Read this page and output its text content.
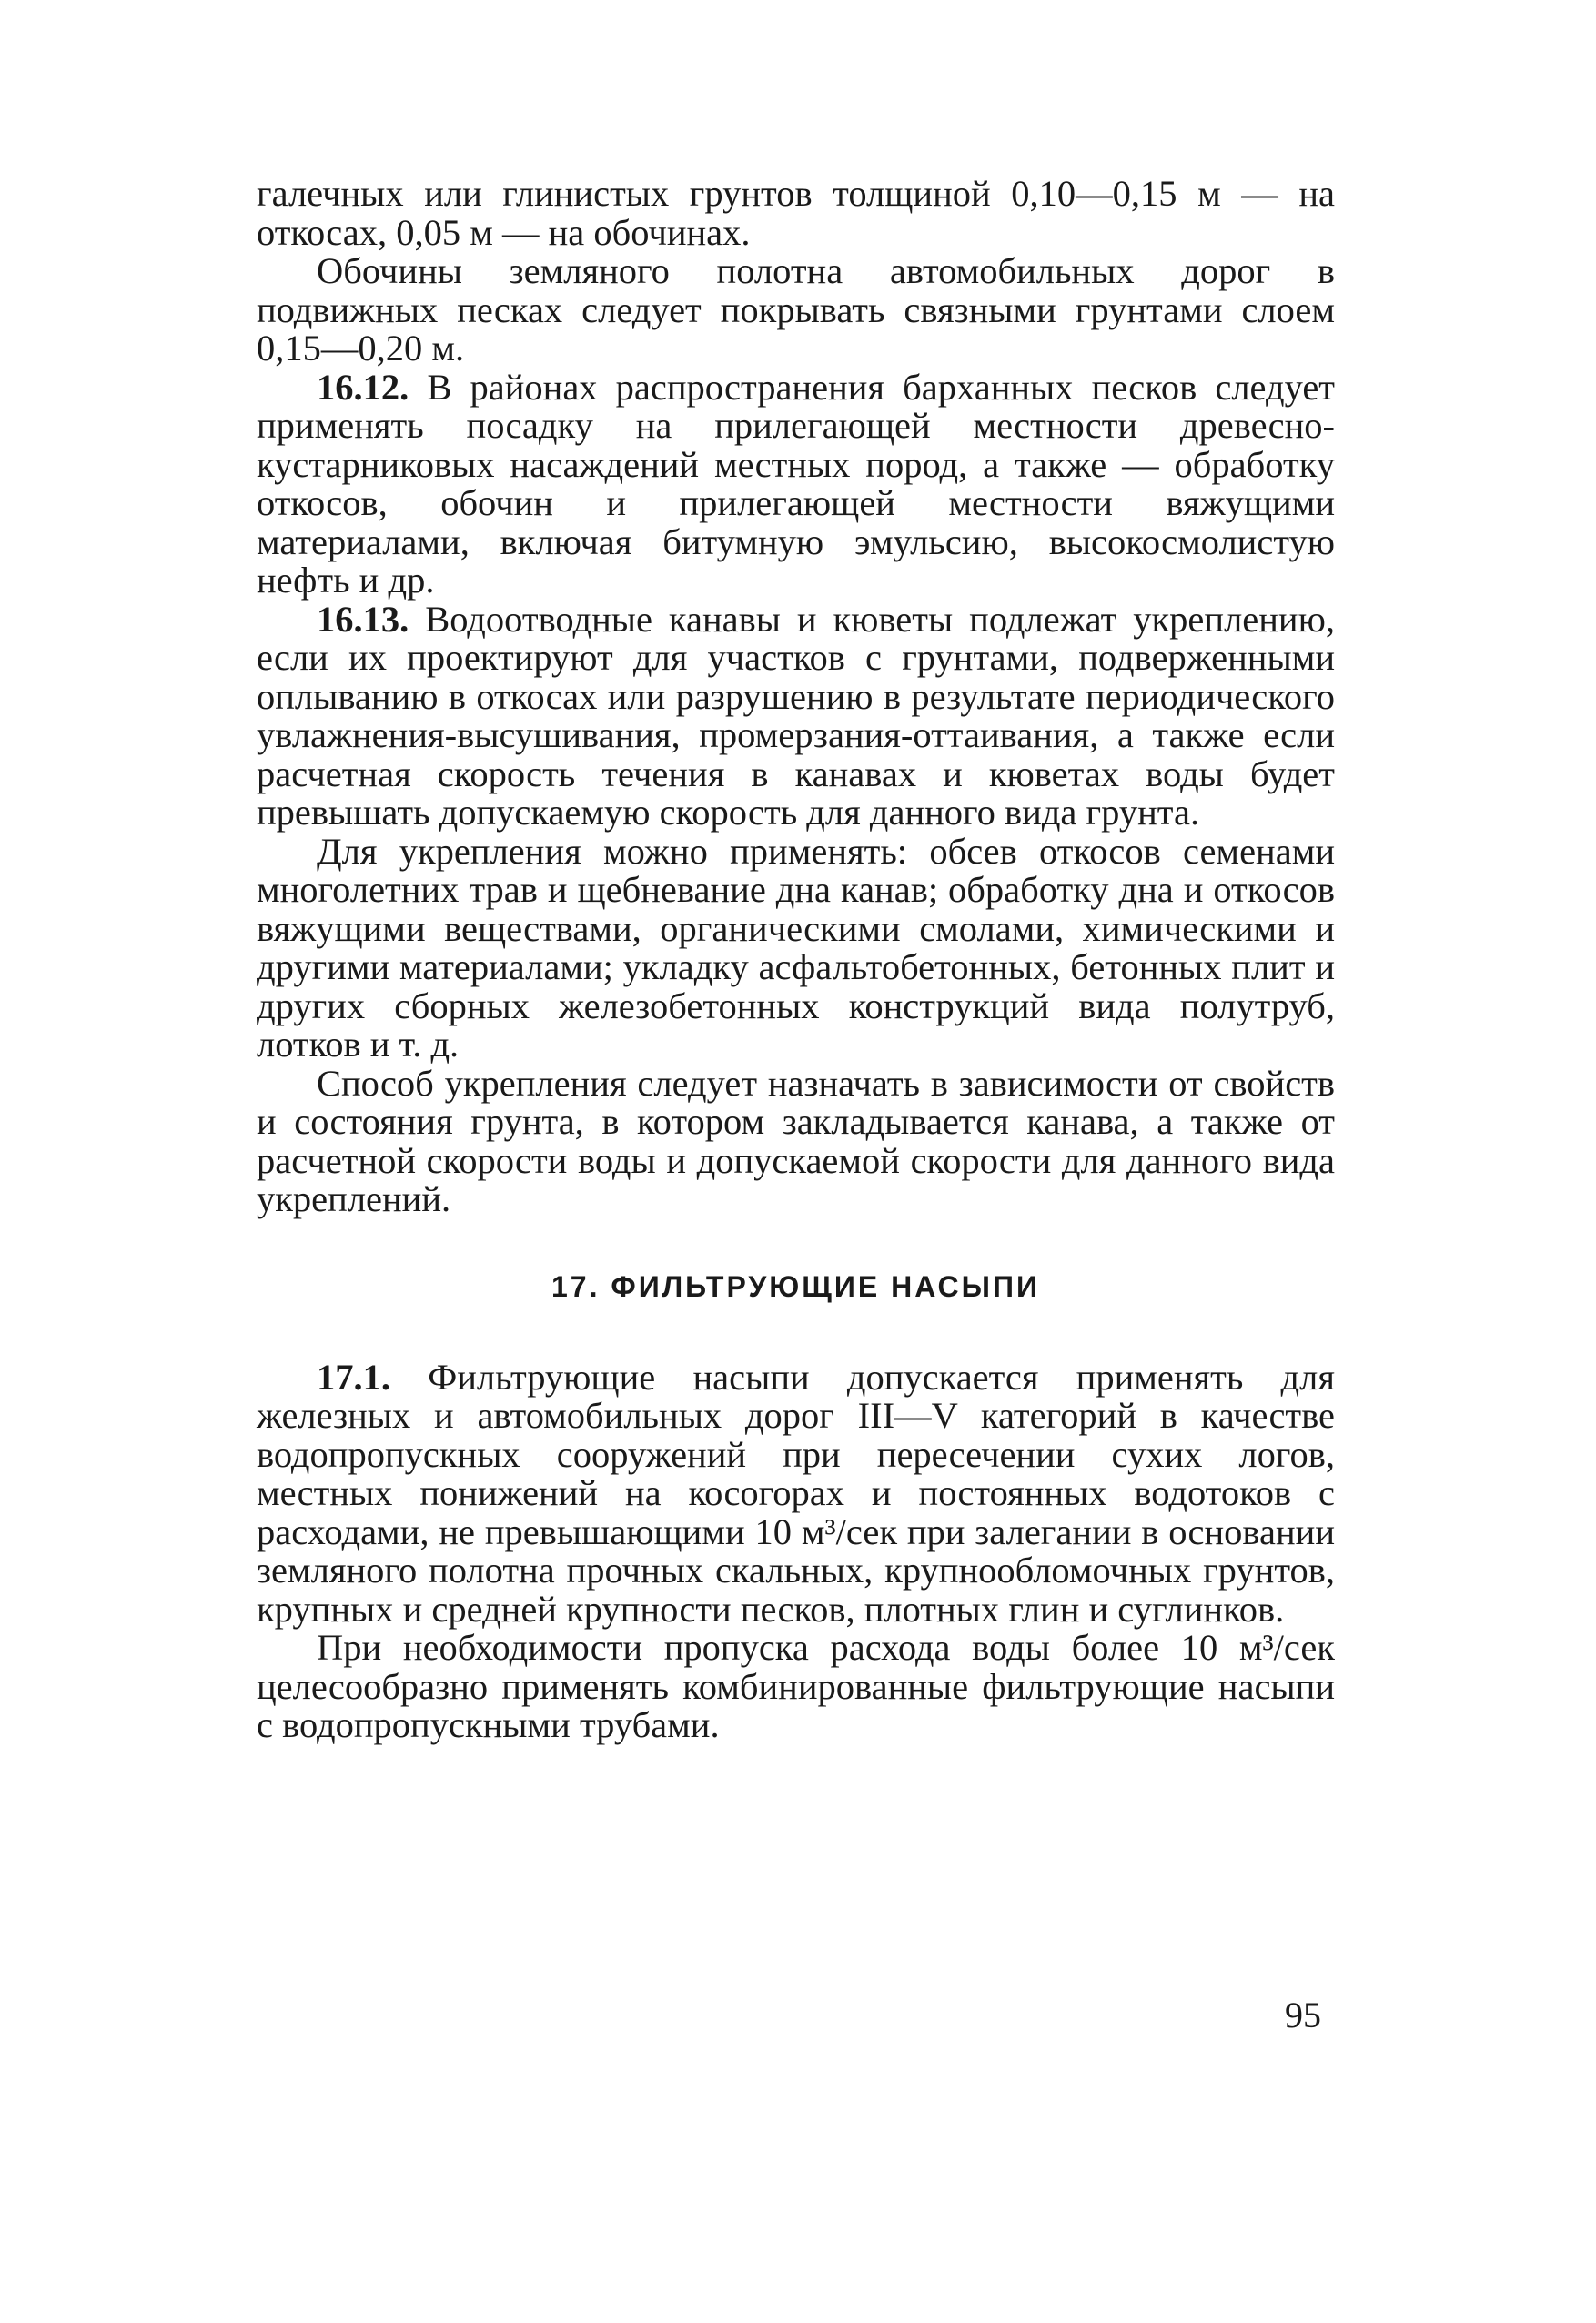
галечных или глинистых грунтов толщиной 0,10—0,15 м — на откосах, 0,05 м — на обочинах.

Обочины земляного полотна автомобильных дорог в подвижных песках следует покрывать связными грунтами слоем 0,15—0,20 м.

16.12. В районах распространения барханных песков следует применять посадку на прилегающей местности древесно-кустарниковых насаждений местных пород, а также — обработку откосов, обочин и прилегающей местности вяжущими материалами, включая битумную эмульсию, высокосмолистую нефть и др.

16.13. Водоотводные канавы и кюветы подлежат укреплению, если их проектируют для участков с грунтами, подверженными оплыванию в откосах или разрушению в результате периодического увлажнения-высушивания, промерзания-оттаивания, а также если расчетная скорость течения в канавах и кюветах воды будет превышать допускаемую скорость для данного вида грунта.

Для укрепления можно применять: обсев откосов семенами многолетних трав и щебневание дна канав; обработку дна и откосов вяжущими веществами, органическими смолами, химическими и другими материалами; укладку асфальтобетонных, бетонных плит и других сборных железобетонных конструкций вида полутруб, лотков и т. д.

Способ укрепления следует назначать в зависимости от свойств и состояния грунта, в котором закладывается канава, а также от расчетной скорости воды и допускаемой скорости для данного вида укреплений.

17. ФИЛЬТРУЮЩИЕ НАСЫПИ

17.1. Фильтрующие насыпи допускается применять для железных и автомобильных дорог III—V категорий в качестве водопропускных сооружений при пересечении сухих логов, местных понижений на косогорах и постоянных водотоков с расходами, не превышающими 10 м³/сек при залегании в основании земляного полотна прочных скальных, крупнообломочных грунтов, крупных и средней крупности песков, плотных глин и суглинков.

При необходимости пропуска расхода воды более 10 м³/сек целесообразно применять комбинированные фильтрующие насыпи с водопропускными трубами.

95
